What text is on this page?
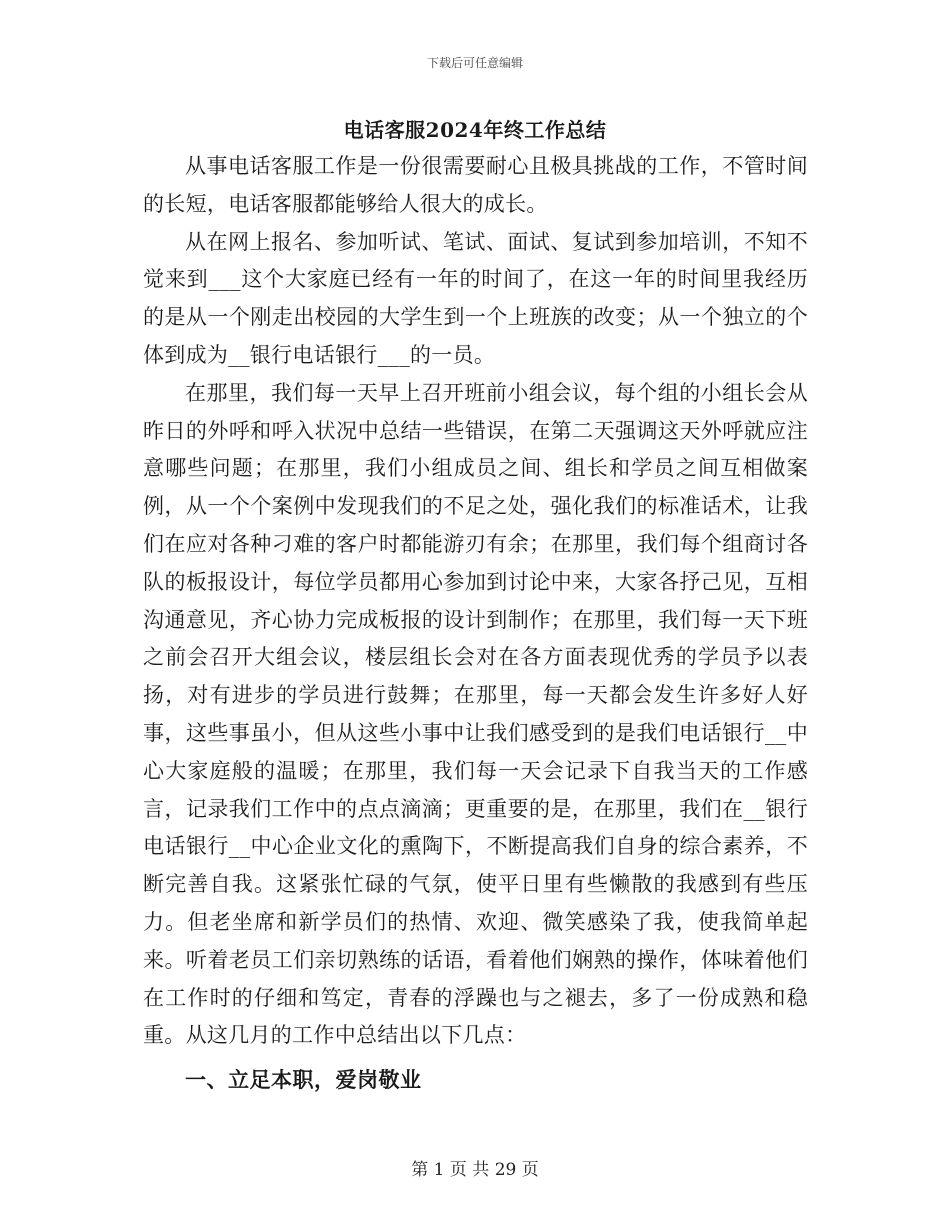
下载后可任意编辑
电话客服2024年终工作总结

从事电话客服工作是一份很需要耐心且极具挑战的工作，不管时间的长短，电话客服都能够给人很大的成长。

从在网上报名、参加听试、笔试、面试、复试到参加培训，不知不觉来到___这个大家庭已经有一年的时间了，在这一年的时间里我经历的是从一个刚走出校园的大学生到一个上班族的改变；从一个独立的个体到成为__银行电话银行___的一员。

在那里，我们每一天早上召开班前小组会议，每个组的小组长会从昨日的外呼和呼入状况中总结一些错误，在第二天强调这天外呼就应注意哪些问题；在那里，我们小组成员之间、组长和学员之间互相做案例，从一个个案例中发现我们的不足之处，强化我们的标准话术，让我们在应对各种刁难的客户时都能游刃有余；在那里，我们每个组商讨各队的板报设计，每位学员都用心参加到讨论中来，大家各抒己见，互相沟通意见，齐心协力完成板报的设计到制作；在那里，我们每一天下班之前会召开大组会议，楼层组长会对在各方面表现优秀的学员予以表扬，对有进步的学员进行鼓舞；在那里，每一天都会发生许多好人好事，这些事虽小，但从这些小事中让我们感受到的是我们电话银行__中心大家庭般的温暖；在那里，我们每一天会记录下自我当天的工作感言，记录我们工作中的点点滴滴；更重要的是，在那里，我们在__银行电话银行__中心企业文化的熏陶下，不断提高我们自身的综合素养，不断完善自我。这紧张忙碌的气氛，使平日里有些懒散的我感到有些压力。但老坐席和新学员们的热情、欢迎、微笑感染了我，使我简单起来。听着老员工们亲切熟练的话语，看着他们娴熟的操作，体味着他们在工作时的仔细和笃定，青春的浮躁也与之褪去，多了一份成熟和稳重。从这几月的工作中总结出以下几点：

一、立足本职，爱岗敬业
第 1 页 共 29 页
